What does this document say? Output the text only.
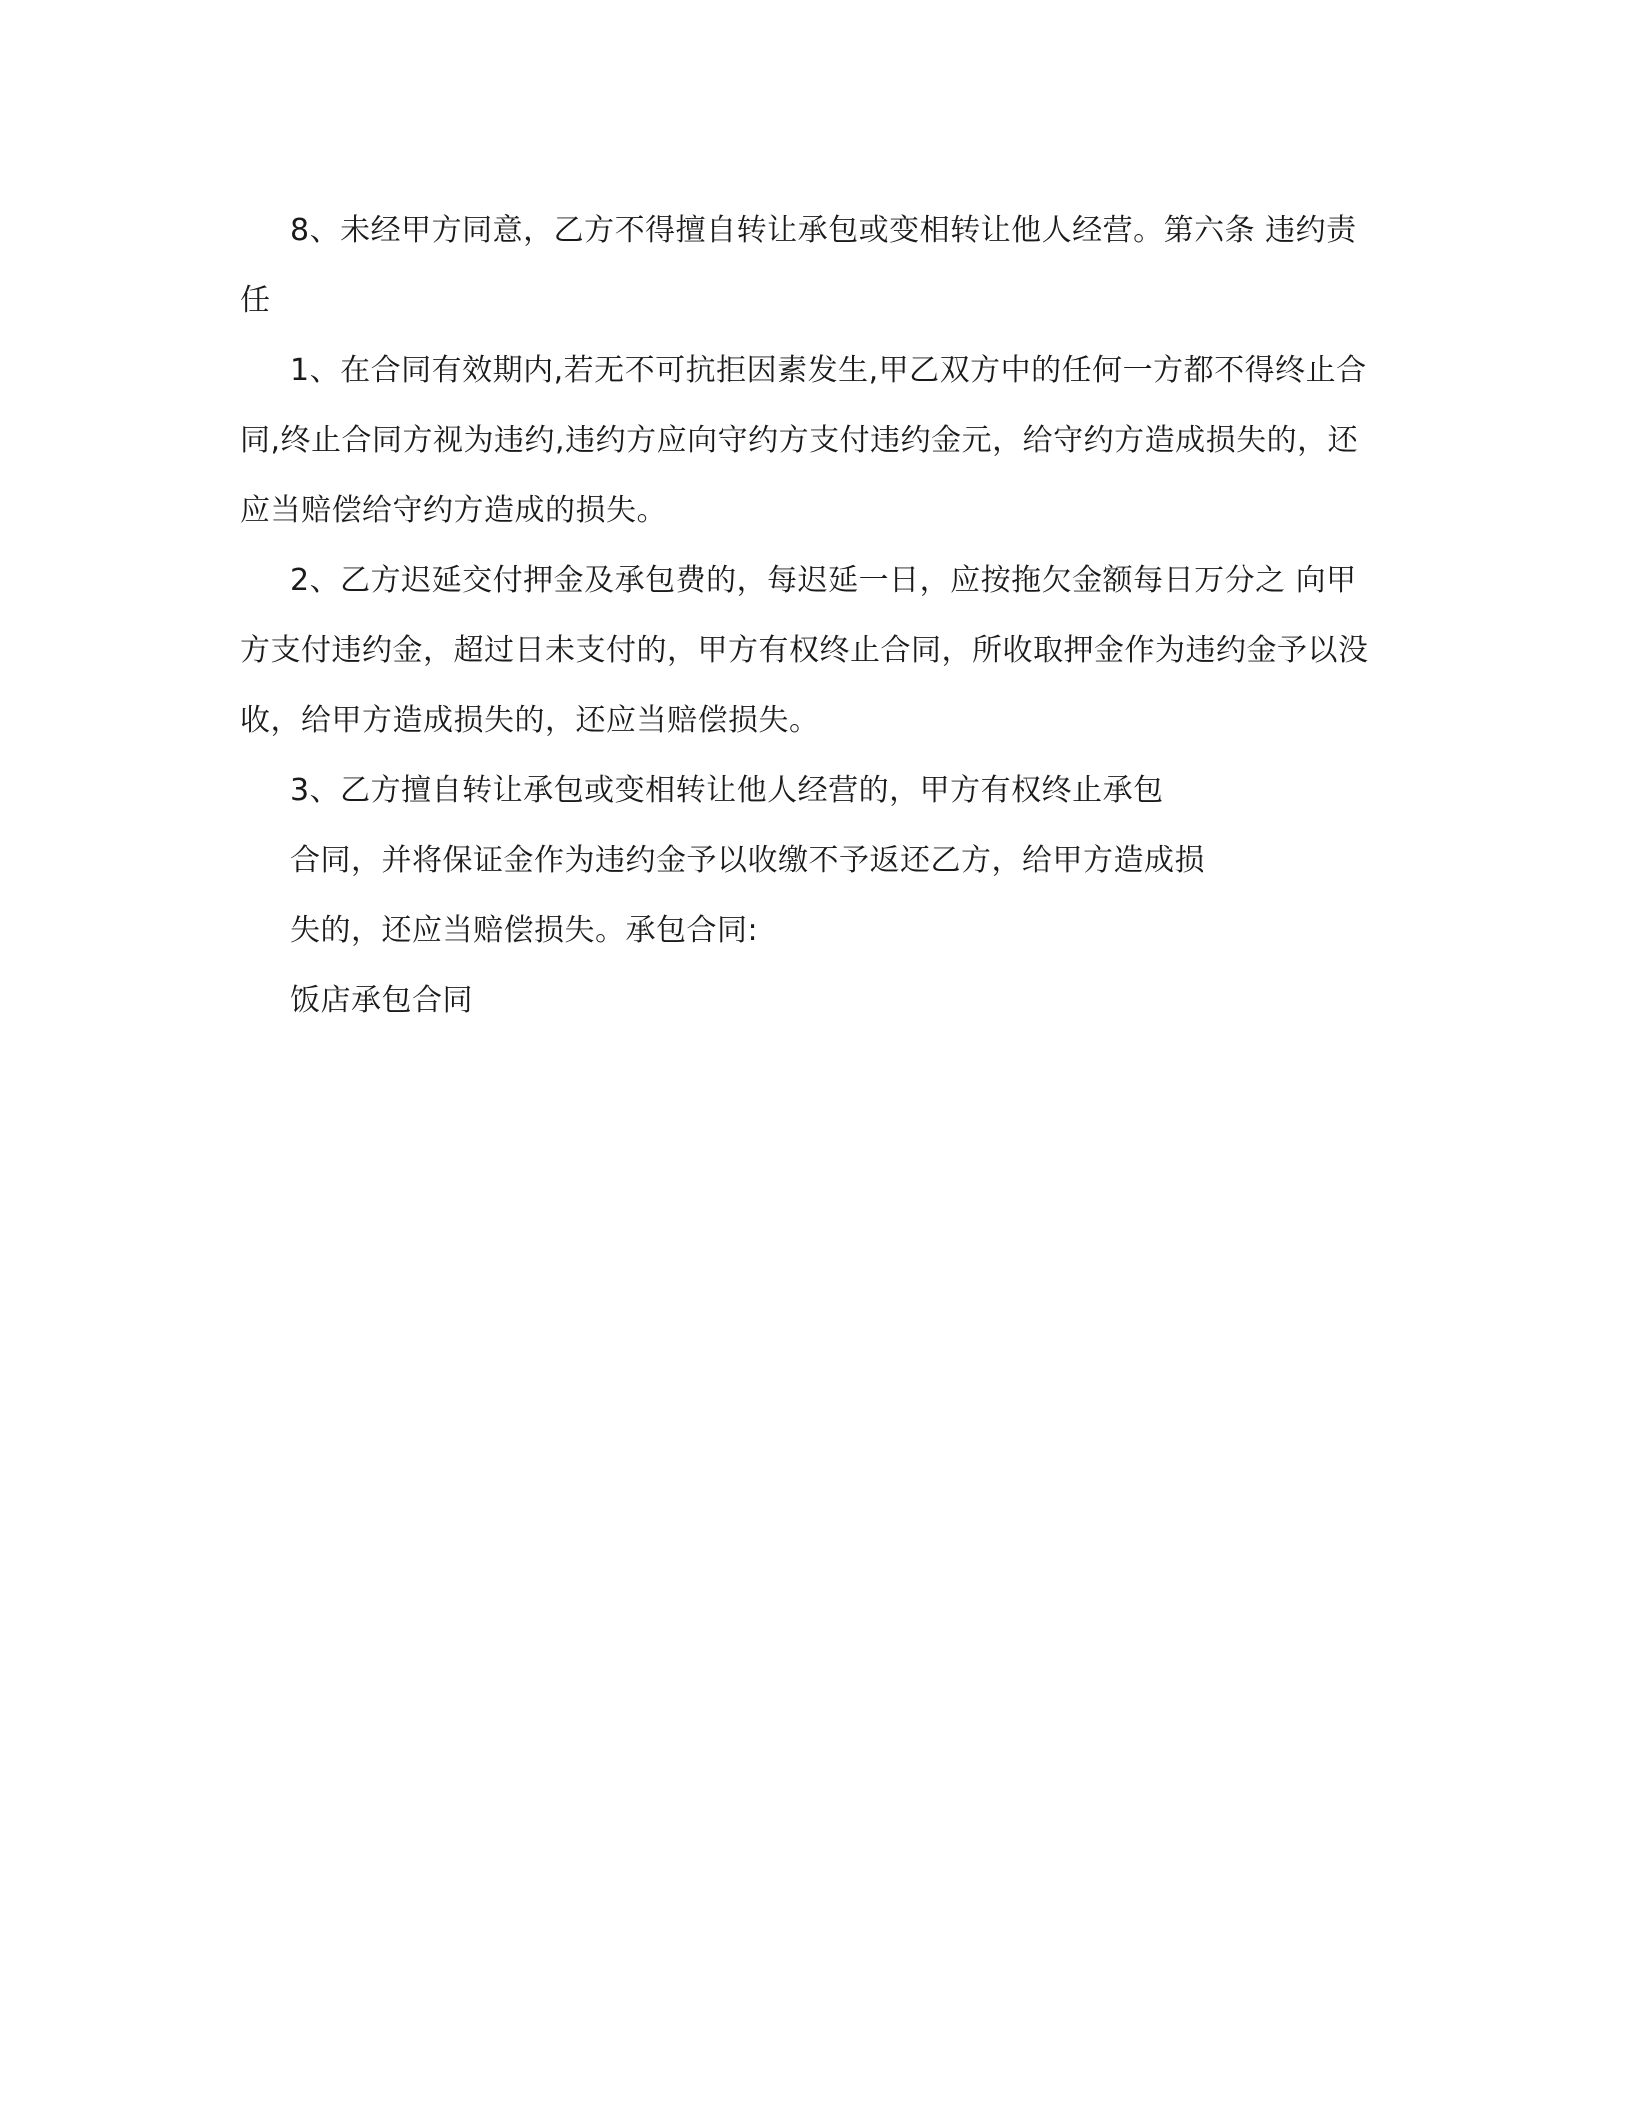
8、未经甲方同意，乙方不得擅自转让承包或变相转让他人经营。第六条 违约责任

1、在合同有效期内,若无不可抗拒因素发生,甲乙双方中的任何一方都不得终止合同,终止合同方视为违约,违约方应向守约方支付违约金元，给守约方造成损失的，还应当赔偿给守约方造成的损失。

2、乙方迟延交付押金及承包费的，每迟延一日，应按拖欠金额每日万分之 向甲方支付违约金，超过日未支付的，甲方有权终止合同，所收取押金作为违约金予以没收，给甲方造成损失的，还应当赔偿损失。

3、乙方擅自转让承包或变相转让他人经营的，甲方有权终止承包

合同，并将保证金作为违约金予以收缴不予返还乙方，给甲方造成损

失的，还应当赔偿损失。承包合同:

饭店承包合同
